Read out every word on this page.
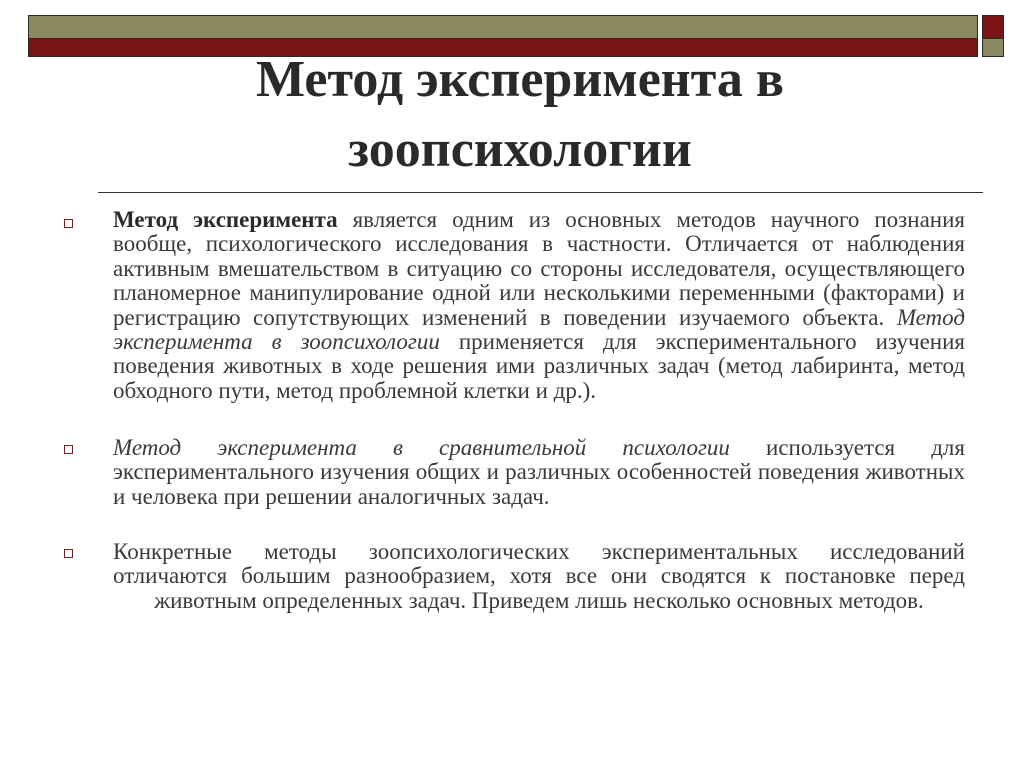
Метод эксперимента в
зоопсихологии
Метод эксперимента является одним из основных методов научного познания вообще, психологического исследования в частности. Отличается от наблюдения активным вмешательством в ситуацию со стороны исследователя, осуществляющего планомерное манипулирование одной или несколькими переменными (факторами) и регистрацию сопутствующих изменений в поведении изучаемого объекта. Метод эксперимента в зоопсихологии применяется для экспериментального изучения поведения животных в ходе решения ими различных задач (метод лабиринта, метод обходного пути, метод проблемной клетки и др.).
Метод эксперимента в сравнительной психологии используется для экспериментального изучения общих и различных особенностей поведения животных и человека при решении аналогичных задач.
Конкретные методы зоопсихологических экспериментальных исследований отличаются большим разнообразием, хотя все они сводятся к постановке перед животным определенных задач. Приведем лишь несколько основных методов.
